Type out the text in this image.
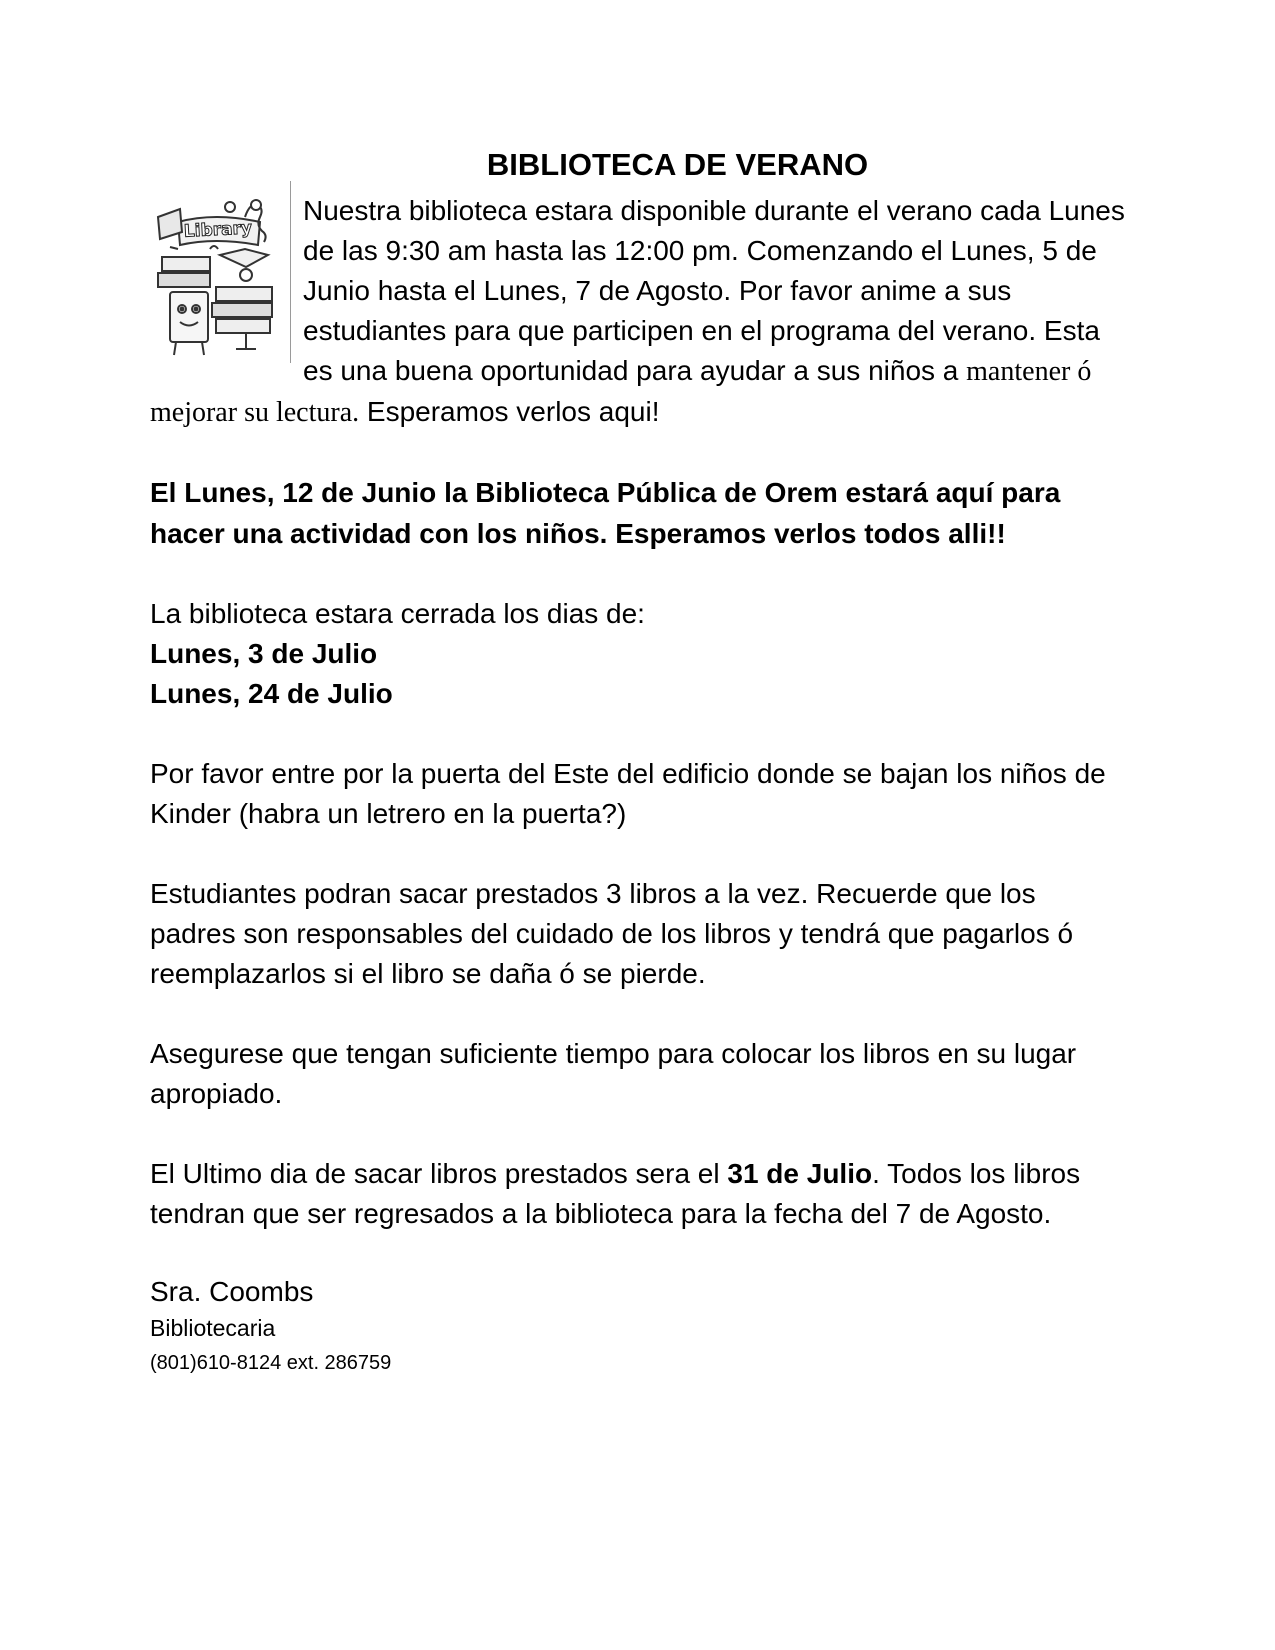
BIBLIOTECA DE VERANO
Library

Nuestra biblioteca estara disponible durante el verano cada Lunes de las 9:30 am hasta las 12:00 pm. Comenzando el Lunes, 5 de Junio hasta el Lunes, 7 de Agosto. Por favor anime a sus estudiantes para que participen en el programa del verano. Esta es una buena oportunidad para ayudar a sus niños a mantener ó mejorar su lectura. Esperamos verlos aqui!

El Lunes, 12 de Junio la Biblioteca Pública de Orem estará aquí para hacer una actividad con los niños. Esperamos verlos todos alli!!

La biblioteca estara cerrada los dias de:

Lunes, 3 de Julio

Lunes, 24 de Julio

Por favor entre por la puerta del Este del edificio donde se bajan los niños de Kinder (habra un letrero en la puerta?)

Estudiantes podran sacar prestados 3 libros a la vez. Recuerde que los padres son responsables del cuidado de los libros y tendrá que pagarlos ó reemplazarlos si el libro se daña ó se pierde.

Asegurese que tengan suficiente tiempo para colocar los libros en su lugar apropiado.

El Ultimo dia de sacar libros prestados sera el 31 de Julio. Todos los libros tendran que ser regresados a la biblioteca para la fecha del 7 de Agosto.

Sra. Coombs

Bibliotecaria

(801)610-8124 ext. 286759
